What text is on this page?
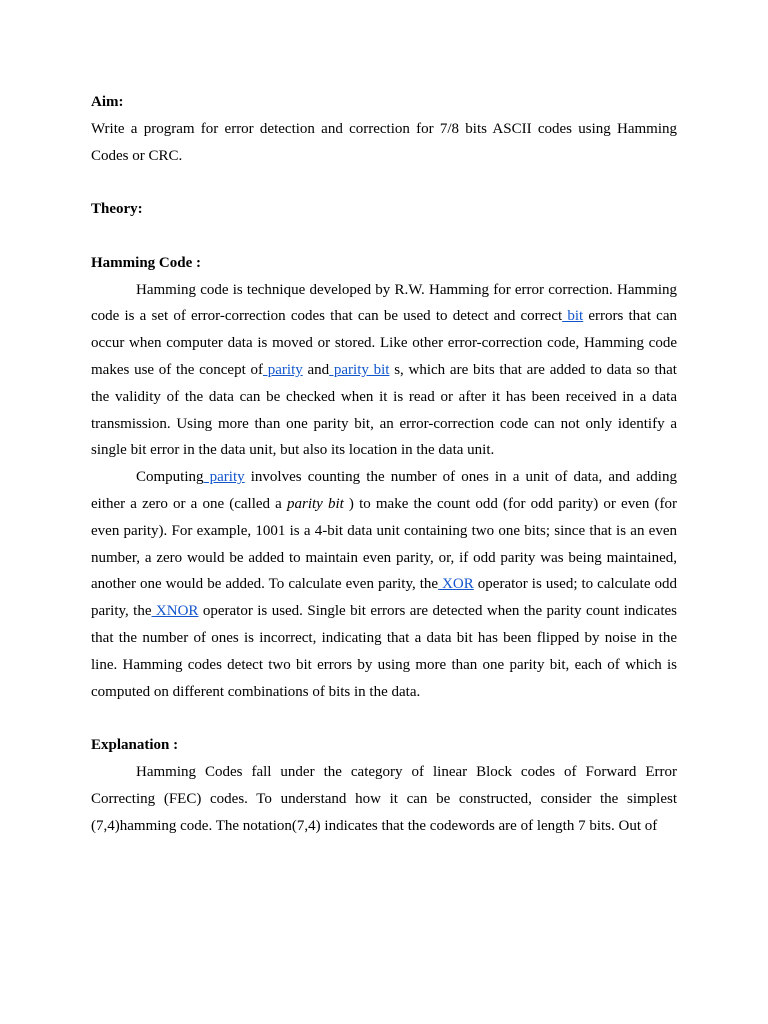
Aim:

Write a program for error detection and correction for 7/8 bits ASCII codes using Hamming Codes or CRC.

Theory:
Hamming Code :

Hamming code is technique developed by R.W. Hamming for error correction. Hamming code is a set of error-correction codes that can be used to detect and correct bit errors that can occur when computer data is moved or stored. Like other error-correction code, Hamming code makes use of the concept of parity and parity bit s, which are bits that are added to data so that the validity of the data can be checked when it is read or after it has been received in a data transmission. Using more than one parity bit, an error-correction code can not only identify a single bit error in the data unit, but also its location in the data unit.

Computing parity involves counting the number of ones in a unit of data, and adding either a zero or a one (called a parity bit ) to make the count odd (for odd parity) or even (for even parity). For example, 1001 is a 4-bit data unit containing two one bits; since that is an even number, a zero would be added to maintain even parity, or, if odd parity was being maintained, another one would be added. To calculate even parity, the XOR operator is used; to calculate odd parity, the XNOR operator is used. Single bit errors are detected when the parity count indicates that the number of ones is incorrect, indicating that a data bit has been flipped by noise in the line. Hamming codes detect two bit errors by using more than one parity bit, each of which is computed on different combinations of bits in the data.

Explanation :

Hamming Codes fall under the category of linear Block codes of Forward Error Correcting (FEC) codes. To understand how it can be constructed, consider the simplest (7,4)hamming code. The notation(7,4) indicates that the codewords are of length 7 bits. Out of
